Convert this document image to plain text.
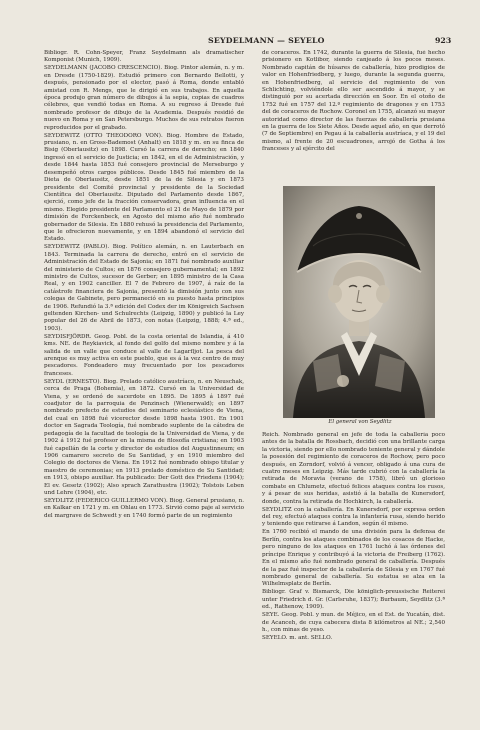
SEYDELMANN — SEYELO	923

Bibliogr. R. Cohn-Speyer, Franz Seydelmann als dramatischer Komponist (Munich, 1909).

SEYDELMANN (JACOBO CRESCENCIO). Biog. Pintor alemán, n. y m. en Dresde (1750-1829). Estudió primero con Bernardo Bellotti, y después, pensionado por el elector, pasó á Roma, donde entabló amistad con R. Mengs, que le dirigió en sus trabajos. En aquella época produjo gran número de dibujos á la sepia, copias de cuadros célebres, que vendió todas en Roma. A su regreso á Dresde fué nombrado profesor de dibujo de la Academia. Después residió de nuevo en Roma y en San Petersburgo. Muchos de sus retratos fueron reproducidos por el grabado.

SEYDEWITZ (OTTO THEODORO VON). Biog. Hombre de Estado, prusiano, n. en Gross-Bademost (Anhalt) en 1818 y m. en su finca de Bisig (Oberlausitz) en 1898. Cursó la carrera de derecho; en 1840 ingresó en el servicio de Justicia; en 1842, en el de Administración, y desde 1844 hasta 1853 fué consejero provincial de Merseburgo y desempeñó otros cargos públicos. Desde 1845 fué miembro de la Dieta de Oberlausitz, desde 1851 de la de Silesia y en 1873 presidente del Comité provincial y presidente de la Sociedad Científica del Oberlausitz. Diputado del Parlamento desde 1867, ejerció, como jefe de la fracción conservadora, gran influencia en el mismo. Elegido presidente del Parlamento el 21 de Mayo de 1879 por dimisión de Forckenbeck, en Agosto del mismo año fué nombrado gobernador de Silesia. En 1880 rehusó la presidencia del Parlamento, que le ofrecieron nuevamente, y en 1894 abandonó el servicio del Estado.

SEYDEWITZ (PABLO). Biog. Político alemán, n. en Lauterbach en 1843. Terminada la carrera de derecho, entró en el servicio de Administración del Estado de Sajonia; en 1871 fué nombrado auxiliar del ministerio de Cultos; en 1876 consejero gubernamental; en 1892 ministro de Cultos, sucesor de Gerber; en 1895 ministro de la Casa Real, y en 1902 canciller. El 7 de Febrero de 1907, á raíz de la catástrofe financiera de Sajonia, presentó la dimisión junto con sus colegas de Gabinete, pero permaneció en su puesto hasta principios de 1906. Refundió la 3.ª edición del Codex der im Königreich Sachsen geltenden Kirchen- und Schulrechts (Leipzig, 1890) y publicó la Ley popular del 26 de Abril de 1873, con notas (Leipzig, 1888; 4.ª ed., 1903).

SEYDISFJÖRDR. Geog. Pobl. de la costa oriental de Islandia, á 410 kms. NE. de Reykiavick, al fondo del golfo del mismo nombre y á la salida de un valle que conduce al valle de Lagarfljot. La pesca del arenque es muy activa en este pueblo, que es á la vez centro de muy pescadores. Fondeadero muy frecuentado por los pescadores franceses.

SEYDL (ERNESTO). Biog. Prelado católico austríaco, n. en Neuschak, cerca de Praga (Bohemia), en 1872. Cursó en la Universidad de Viena, y se ordenó de sacerdote en 1895. De 1895 á 1897 fué coadjutor de la parroquia de Penzinsch (Wienerwald); en 1897 nombrado prefecto de estudios del seminario eclesiástico de Viena, del cual en 1898 fué vicerector desde 1898 hasta 1901. En 1901 doctor en Sagrada Teología, fué nombrado suplente de la cátedra de pedagogía de la facultad de teología de la Universidad de Viena, y de 1902 á 1912 fué profesor en la misma de filosofía cristiana; en 1903 fué capellán de la corte y director de estudios del Augustinneum; en 1906 camarero secreto de Su Santidad, y en 1910 miembro del Colegio de doctores de Viena. En 1912 fué nombrado obispo titular y maestro de ceremonias; en 1913 prelado doméstico de Su Santidad; en 1913, obispo auxiliar. Ha publicado: Der Gott des Friedens (1904); El ev. Gesetz (1902); Also sprach Zarathustra (1902); Tolstois Leben und Lehre (1904), etc.

SEYDLITZ (FEDERICO GUILLERMO VON). Biog. General prusiano, n. en Kalkar en 1721 y m. en Ohlau en 1773. Sirvió como paje al servicio del margrave de Schwedt y en 1740 formó parte de un regimiento

de coraceros. En 1742, durante la guerra de Silesia, fué hecho prisionero en Kotlibor, siendo canjeado á los pocos meses. Nombrado capitán de húsares de caballería, hizo prodigios de valor en Hohenfriedberg, y luego, durante la segunda guerra, en Hohenfriedberg, al servicio del regimiento de von Schlichting, volviéndole ello ser ascendido á mayor, y se distinguió por su acertada dirección en Soor. En el otoño de 1752 fué en 1757 del 12.º regimiento de dragones y en 1753 del de coraceros de Rochow. Coronel en 1755, alcanzó su mayor autoridad como director de las fuerzas de caballería prusiana en la guerra de los Siete Años. Desde aquel año, en que derrotó (7 de Septiembre) en Pegau á la caballería austríaca, y el 19 del mismo, al frente de 20 escuadrones, arrojó de Gotha á los franceses y al ejército del

El general von Seydlitz

Reich. Nombrado general en jefe de toda la caballería poco antes de la batalla de Rossbach, decidió con una brillante carga la victoria, siendo por ello nombrado teniente general y dándole la posesión del regimiento de coraceros de Rochow, pero poco después, en Zorndorf, volvió á vencer, obligado á una cura de cuatro meses en Leipzig. Más tarde cubrió con la caballería la retirada de Moravia (verano de 1758), libró un glorioso combate en Chlumetz, efectuó felices ataques contra los rusos, y á pesar de sus heridas, asistió á la batalla de Kunersdorf, donde, contra la retirada de Hochkirch, la caballería.

SEYDLITZ con la caballería. En Kunersdorf, por expresa orden del rey, efectuó ataques contra la infantería rusa, siendo herido y teniendo que retirarse á Landon, según él mismo.

En 1760 recibió el mando de una división para la defensa de Berlín, contra los ataques combinados de los cosacos de Hacke, pero ninguno de los ataques en 1761 luchó á las órdenes del príncipe Enrique y contribuyó á la victoria de Freiberg (1762). En el mismo año fué nombrado general de caballería. Después de la paz fué inspector de la caballería de Silesia y en 1767 fué nombrado general de caballería. Su estatua se alza en la Wilhelmsplatz de Berlín.

Bibliogr. Graf v. Bismarck, Die königlich-preussische Reiterei unter Friedrich d. Gr. (Carlsruhe, 1837); Burbaum, Seydlitz (3.ª ed., Rathenow, 1909).

SEYE. Geog. Pobl. y mun. de Méjico, en el Est. de Yucatán, dist. de Acanceh, de cuya cabecera dista 8 kilómetros al NE.; 2,540 h., con minas de yeso.

SEYELO. m. ant. SELLO.
